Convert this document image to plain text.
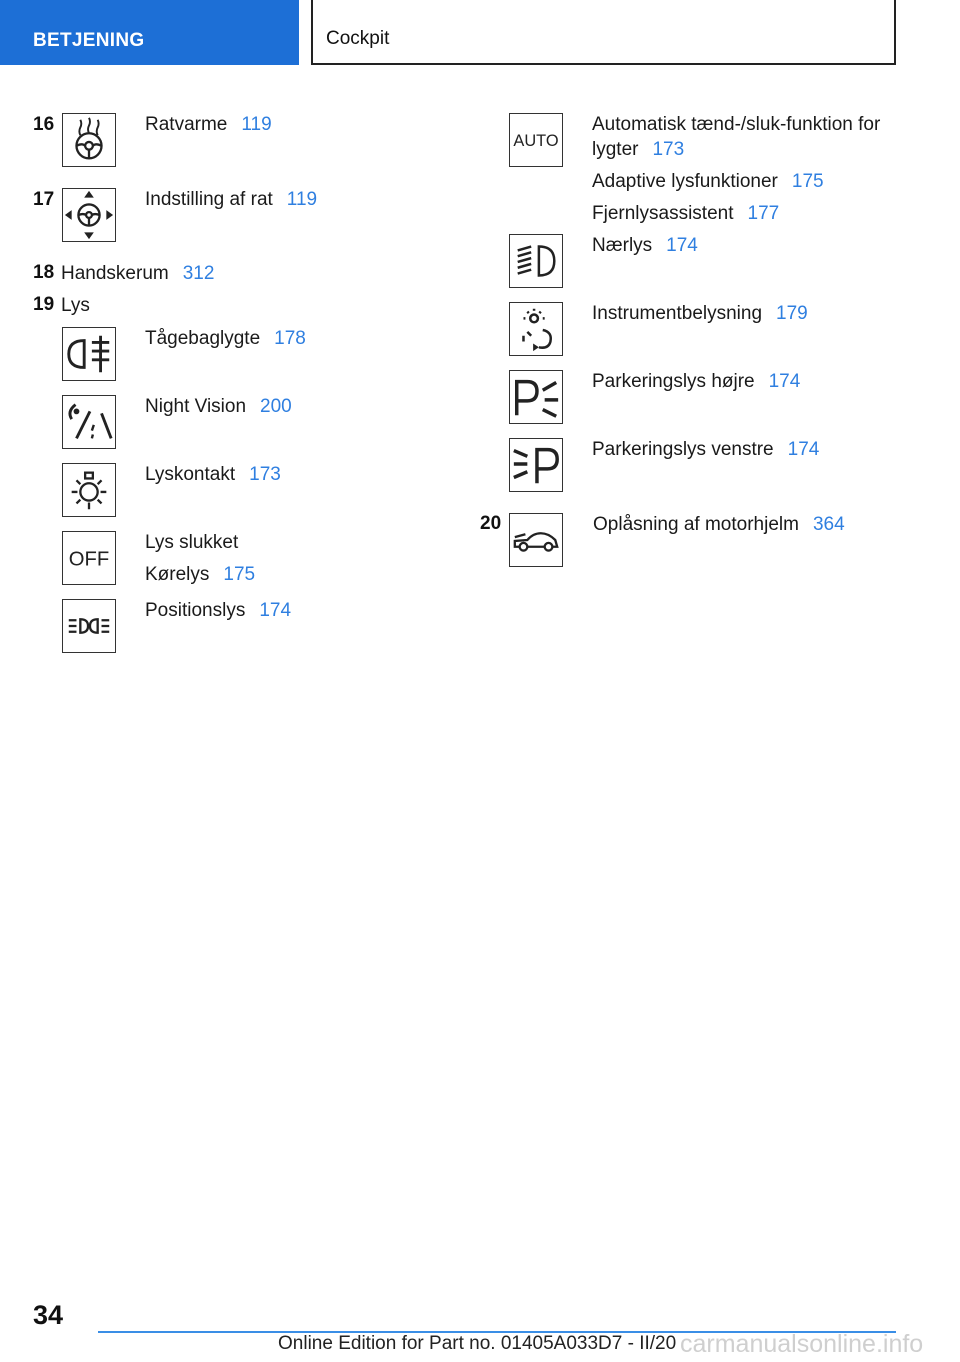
BETJENING	Cockpit
16	Ratvarme 119
17	Indstilling af rat 119
18 Handskerum 312
19 Lys
Tågebaglygte 178
Night Vision 200
Lyskontakt 173
OFF
Lys slukket
Kørelys 175
Positionslys 174
AUTO
Automatisk tænd-/sluk-funktion for
lygter 173
Adaptive lysfunktioner 175
Fjernlysassistent 177
Nærlys 174
Instrumentbelysning 179
Parkeringslys højre 174
Parkeringslys venstre 174
20	Oplåsning af motorhjelm 364
34
Online Edition for Part no. 01405A033D7 - II/20 carmanualsonline.info
